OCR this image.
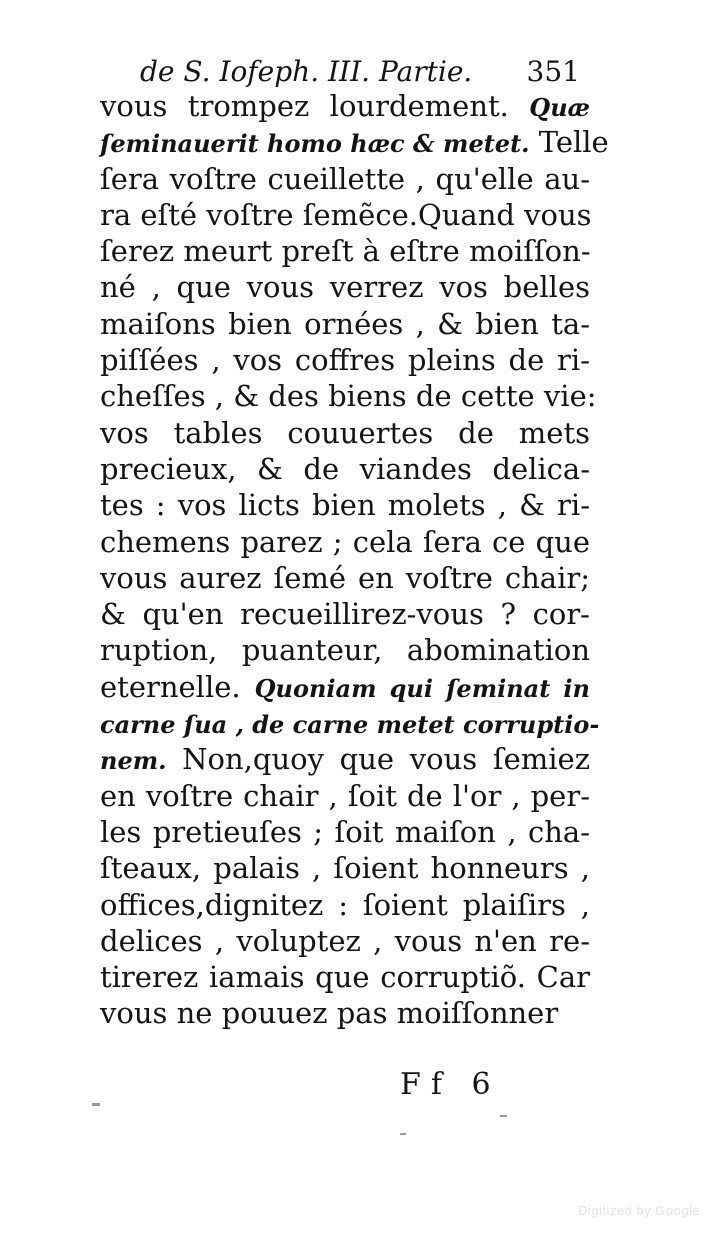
de S. Iofeph. III. Partie. 351
vous trompez lourdement. Quæ
ſeminauerit homo hæc & metet. Telle
ſera voſtre cueillette , qu'elle au-
ra eſté voſtre ſemẽce.Quand vous
ſerez meurt preſt à eſtre moiſſon-
né , que vous verrez vos belles
maiſons bien ornées , & bien ta-
piſſées , vos coffres pleins de ri-
cheſſes , & des biens de cette vie:
vos tables couuertes de mets
precieux, & de viandes delica-
tes : vos licts bien molets , & ri-
chemens parez ; cela ſera ce que
vous aurez ſemé en voſtre chair;
& qu'en recueillirez-vous ? cor-
ruption, puanteur, abomination
eternelle. Quoniam qui ſeminat in
carne ſua , de carne metet corruptio-
nem. Non,quoy que vous ſemiez
en voſtre chair , ſoit de l'or , per-
les pretieuſes ; ſoit maiſon , cha-
ſteaux, palais , ſoient honneurs ,
offices,dignitez : ſoient plaiſirs ,
delices , voluptez , vous n'en re-
tirerez iamais que corruptiõ. Car
vous ne pouuez pas moiſſonner
Ff 6
Digitized by Google
